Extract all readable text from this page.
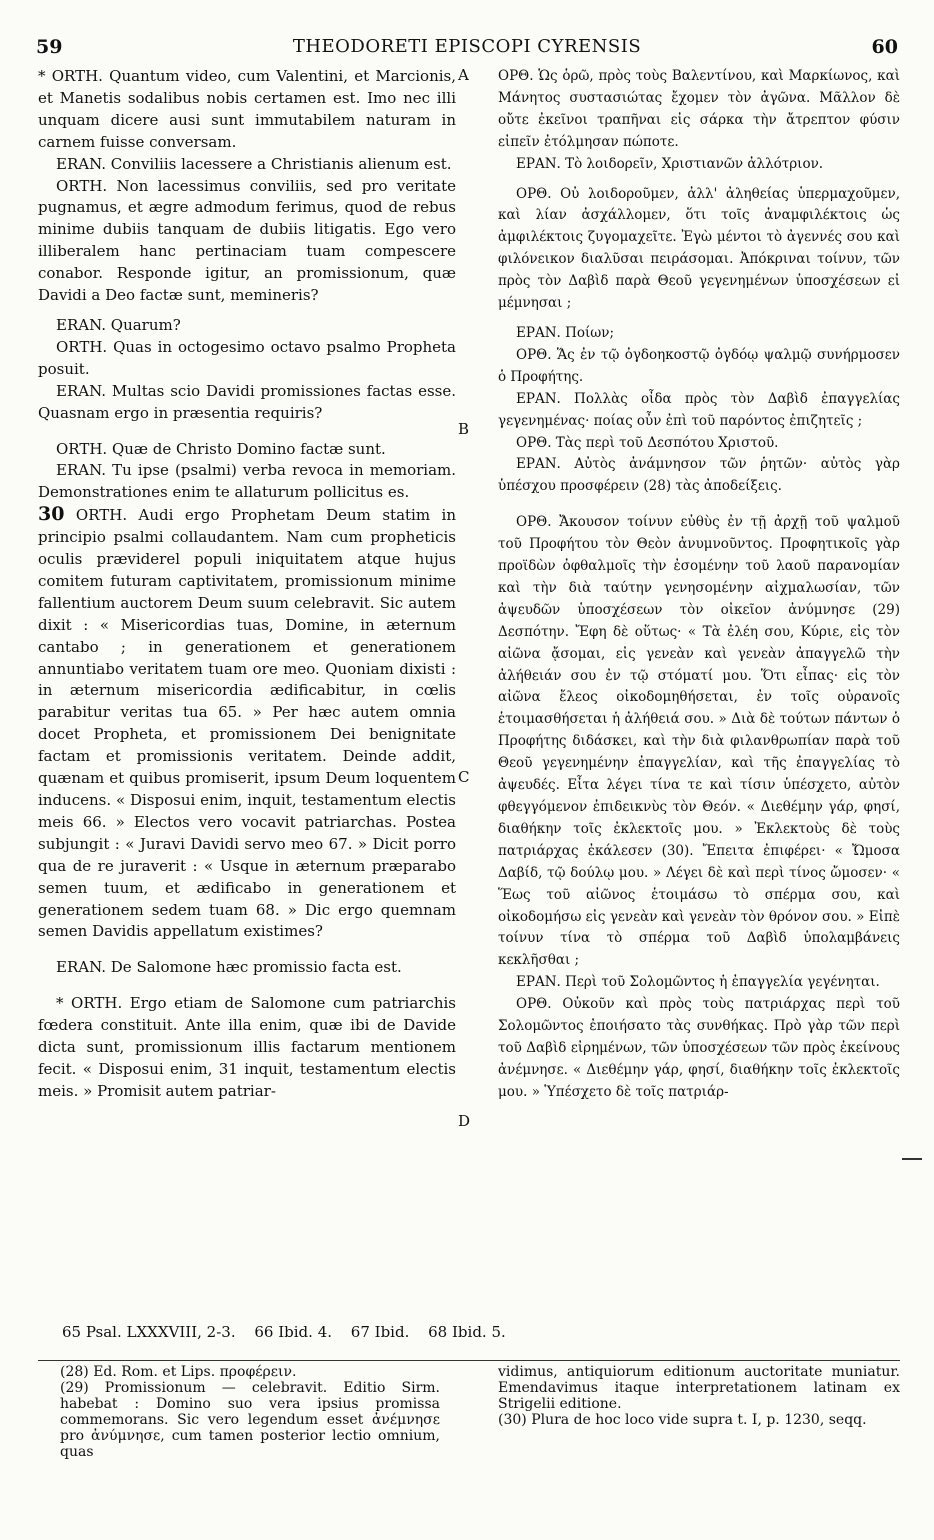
59	THEODORETI EPISCOPI CYRENSIS	60

* ORTH. Quantum video, cum Valentini, et Marcionis, et Manetis sodalibus nobis certamen est. Imo nec illi unquam dicere ausi sunt immutabilem naturam in carnem fuisse conversam.

ERAN. Conviliis lacessere a Christianis alienum est.

ORTH. Non lacessimus conviliis, sed pro veritate pugnamus, et ægre admodum ferimus, quod de rebus minime dubiis tanquam de dubiis litigatis. Ego vero illiberalem hanc pertinaciam tuam compescere conabor. Responde igitur, an promissionum, quæ Davidi a Deo factæ sunt, memineris?

ERAN. Quarum?

ORTH. Quas in octogesimo octavo psalmo Propheta posuit.

ERAN. Multas scio Davidi promissiones factas esse. Quasnam ergo in præsentia requiris?

ORTH. Quæ de Christo Domino factæ sunt.

ERAN. Tu ipse (psalmi) verba revoca in memoriam. Demonstrationes enim te allaturum pollicitus es.

30 ORTH. Audi ergo Prophetam Deum statim in principio psalmi collaudantem. Nam cum propheticis oculis præviderel populi iniquitatem atque hujus comitem futuram captivitatem, promissionum minime fallentium auctorem Deum suum celebravit. Sic autem dixit : « Misericordias tuas, Domine, in æternum cantabo ; in generationem et generationem annuntiabo veritatem tuam ore meo. Quoniam dixisti : in æternum misericordia ædificabitur, in cœlis parabitur veritas tua 65. » Per hæc autem omnia docet Propheta, et promissionem Dei benignitate factam et promissionis veritatem. Deinde addit, quænam et quibus promiserit, ipsum Deum loquentem inducens. « Disposui enim, inquit, testamentum electis meis 66. » Electos vero vocavit patriarchas. Postea subjungit : « Juravi Davidi servo meo 67. » Dicit porro qua de re juraverit : « Usque in æternum præparabo semen tuum, et ædificabo in generationem et generationem sedem tuam 68. » Dic ergo quemnam semen Davidis appellatum existimes?

ERAN. De Salomone hæc promissio facta est.

* ORTH. Ergo etiam de Salomone cum patriarchis fœdera constituit. Ante illa enim, quæ ibi de Davide dicta sunt, promissionum illis factarum mentionem fecit. « Disposui enim, 31 inquit, testamentum electis meis. » Promisit autem patriar-

A
B
C
D

ΟΡΘ. Ὡς ὁρῶ, πρὸς τοὺς Βαλεντίνου, καὶ Μαρκίωνος, καὶ Μάνητος συστασιώτας ἔχομεν τὸν ἀγῶνα. Μᾶλλον δὲ οὔτε ἐκεῖνοι τραπῆναι εἰς σάρκα τὴν ἄτρεπτον φύσιν εἰπεῖν ἐτόλμησαν πώποτε.

ΕΡΑΝ. Τὸ λοιδορεῖν, Χριστιανῶν ἀλλότριον.

ΟΡΘ. Οὐ λοιδοροῦμεν, ἀλλ' ἀληθείας ὑπερμαχοῦμεν, καὶ λίαν ἀσχάλλομεν, ὅτι τοῖς ἀναμφιλέκτοις ὡς ἀμφιλέκτοις ζυγομαχεῖτε. Ἐγὼ μέντοι τὸ ἀγεννές σου καὶ φιλόνεικον διαλῦσαι πειράσομαι. Ἀπόκριναι τοίνυν, τῶν πρὸς τὸν Δαβὶδ παρὰ Θεοῦ γεγενημένων ὑποσχέσεων εἰ μέμνησαι ;

ΕΡΑΝ. Ποίων;

ΟΡΘ. Ἅς ἐν τῷ ὀγδοηκοστῷ ὀγδόῳ ψαλμῷ συνήρμοσεν ὁ Προφήτης.

ΕΡΑΝ. Πολλὰς οἶδα πρὸς τὸν Δαβὶδ ἐπαγγελίας γεγενημένας· ποίας οὖν ἐπὶ τοῦ παρόντος ἐπιζητεῖς ;

ΟΡΘ. Τὰς περὶ τοῦ Δεσπότου Χριστοῦ.

ΕΡΑΝ. Αὐτὸς ἀνάμνησον τῶν ῥητῶν· αὐτὸς γὰρ ὑπέσχου προσφέρειν (28) τὰς ἀποδείξεις.

ΟΡΘ. Ἄκουσον τοίνυν εὐθὺς ἐν τῇ ἀρχῇ τοῦ ψαλμοῦ τοῦ Προφήτου τὸν Θεὸν ἀνυμνοῦντος. Προφητικοῖς γὰρ προϊδὼν ὀφθαλμοῖς τὴν ἐσομένην τοῦ λαοῦ παρανομίαν καὶ τὴν διὰ ταύτην γενησομένην αἰχμαλωσίαν, τῶν ἀψευδῶν ὑποσχέσεων τὸν οἰκεῖον ἀνύμνησε (29) Δεσπότην. Ἔφη δὲ οὕτως· « Τὰ ἐλέη σου, Κύριε, εἰς τὸν αἰῶνα ᾄσομαι, εἰς γενεὰν καὶ γενεὰν ἀπαγγελῶ τὴν ἀλήθειάν σου ἐν τῷ στόματί μου. Ὅτι εἶπας· εἰς τὸν αἰῶνα ἔλεος οἰκοδομηθήσεται, ἐν τοῖς οὐρανοῖς ἑτοιμασθήσεται ἡ ἀλήθειά σου. » Διὰ δὲ τούτων πάντων ὁ Προφήτης διδάσκει, καὶ τὴν διὰ φιλανθρωπίαν παρὰ τοῦ Θεοῦ γεγενημένην ἐπαγγελίαν, καὶ τῆς ἐπαγγελίας τὸ ἀψευδές. Εἶτα λέγει τίνα τε καὶ τίσιν ὑπέσχετο, αὐτὸν φθεγγόμενον ἐπιδεικνὺς τὸν Θεόν. « Διεθέμην γάρ, φησί, διαθήκην τοῖς ἐκλεκτοῖς μου. » Ἐκλεκτοὺς δὲ τοὺς πατριάρχας ἐκάλεσεν (30). Ἔπειτα ἐπιφέρει· « Ὤμοσα Δαβίδ, τῷ δούλῳ μου. » Λέγει δὲ καὶ περὶ τίνος ὤμοσεν· « Ἕως τοῦ αἰῶνος ἑτοιμάσω τὸ σπέρμα σου, καὶ οἰκοδομήσω εἰς γενεὰν καὶ γενεὰν τὸν θρόνον σου. » Εἰπὲ τοίνυν τίνα τὸ σπέρμα τοῦ Δαβὶδ ὑπολαμβάνεις κεκλῆσθαι ;

ΕΡΑΝ. Περὶ τοῦ Σολομῶντος ἡ ἐπαγγελία γεγένηται.

ΟΡΘ. Οὐκοῦν καὶ πρὸς τοὺς πατριάρχας περὶ τοῦ Σολομῶντος ἐποιήσατο τὰς συνθήκας. Πρὸ γὰρ τῶν περὶ τοῦ Δαβὶδ εἰρημένων, τῶν ὑποσχέσεων τῶν πρὸς ἐκείνους ἀνέμνησε. « Διεθέμην γάρ, φησί, διαθήκην τοῖς ἐκλεκτοῖς μου. » Ὑπέσχετο δὲ τοῖς πατριάρ-

65 Psal. LXXXVIII, 2-3. 66 Ibid. 4. 67 Ibid. 68 Ibid. 5.
(28) Ed. Rom. et Lips. προφέρειν.
(29) Promissionum — celebravit. Editio Sirm. habebat : Domino suo vera ipsius promissa commemorans. Sic vero legendum esset ἀνέμνησε pro ἀνύμνησε, cum tamen posterior lectio omnium, quas
vidimus, antiquiorum editionum auctoritate muniatur. Emendavimus itaque interpretationem latinam ex Strigelii editione.
(30) Plura de hoc loco vide supra t. I, p. 1230, seqq.
